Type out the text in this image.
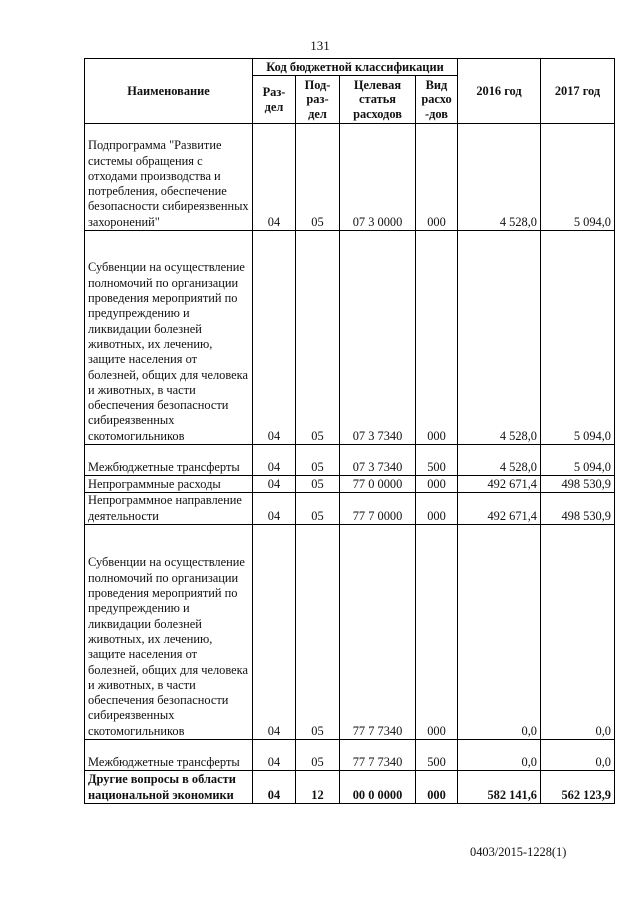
131
Наименование	Код бюджетной классификации				2016 год	2017 год
	Раз-дел	Под-раз-дел	Целевая статья расходов	Вид расхо -дов		
Подпрограмма "Развитие системы обращения с отходами производства и потребления, обеспечение безопасности сибиреязвенных захоронений"	04	05	07 3 0000	000	4 528,0	5 094,0
Субвенции на осуществление полномочий по организации проведения мероприятий по предупреждению и ликвидации болезней животных, их лечению, защите населения от болезней, общих для человека и животных, в части обеспечения безопасности сибиреязвенных скотомогильников	04	05	07 3 7340	000	4 528,0	5 094,0
Межбюджетные трансферты	04	05	07 3 7340	500	4 528,0	5 094,0
Непрограммные расходы	04	05	77 0 0000	000	492 671,4	498 530,9
Непрограммное направление деятельности	04	05	77 7 0000	000	492 671,4	498 530,9
Субвенции на осуществление полномочий по организации проведения мероприятий по предупреждению и ликвидации болезней животных, их лечению, защите населения от болезней, общих для человека и животных, в части обеспечения безопасности сибиреязвенных скотомогильников	04	05	77 7 7340	000	0,0	0,0
Межбюджетные трансферты	04	05	77 7 7340	500	0,0	0,0
Другие вопросы в области национальной экономики	04	12	00 0 0000	000	582 141,6	562 123,9
0403/2015-1228(1)
